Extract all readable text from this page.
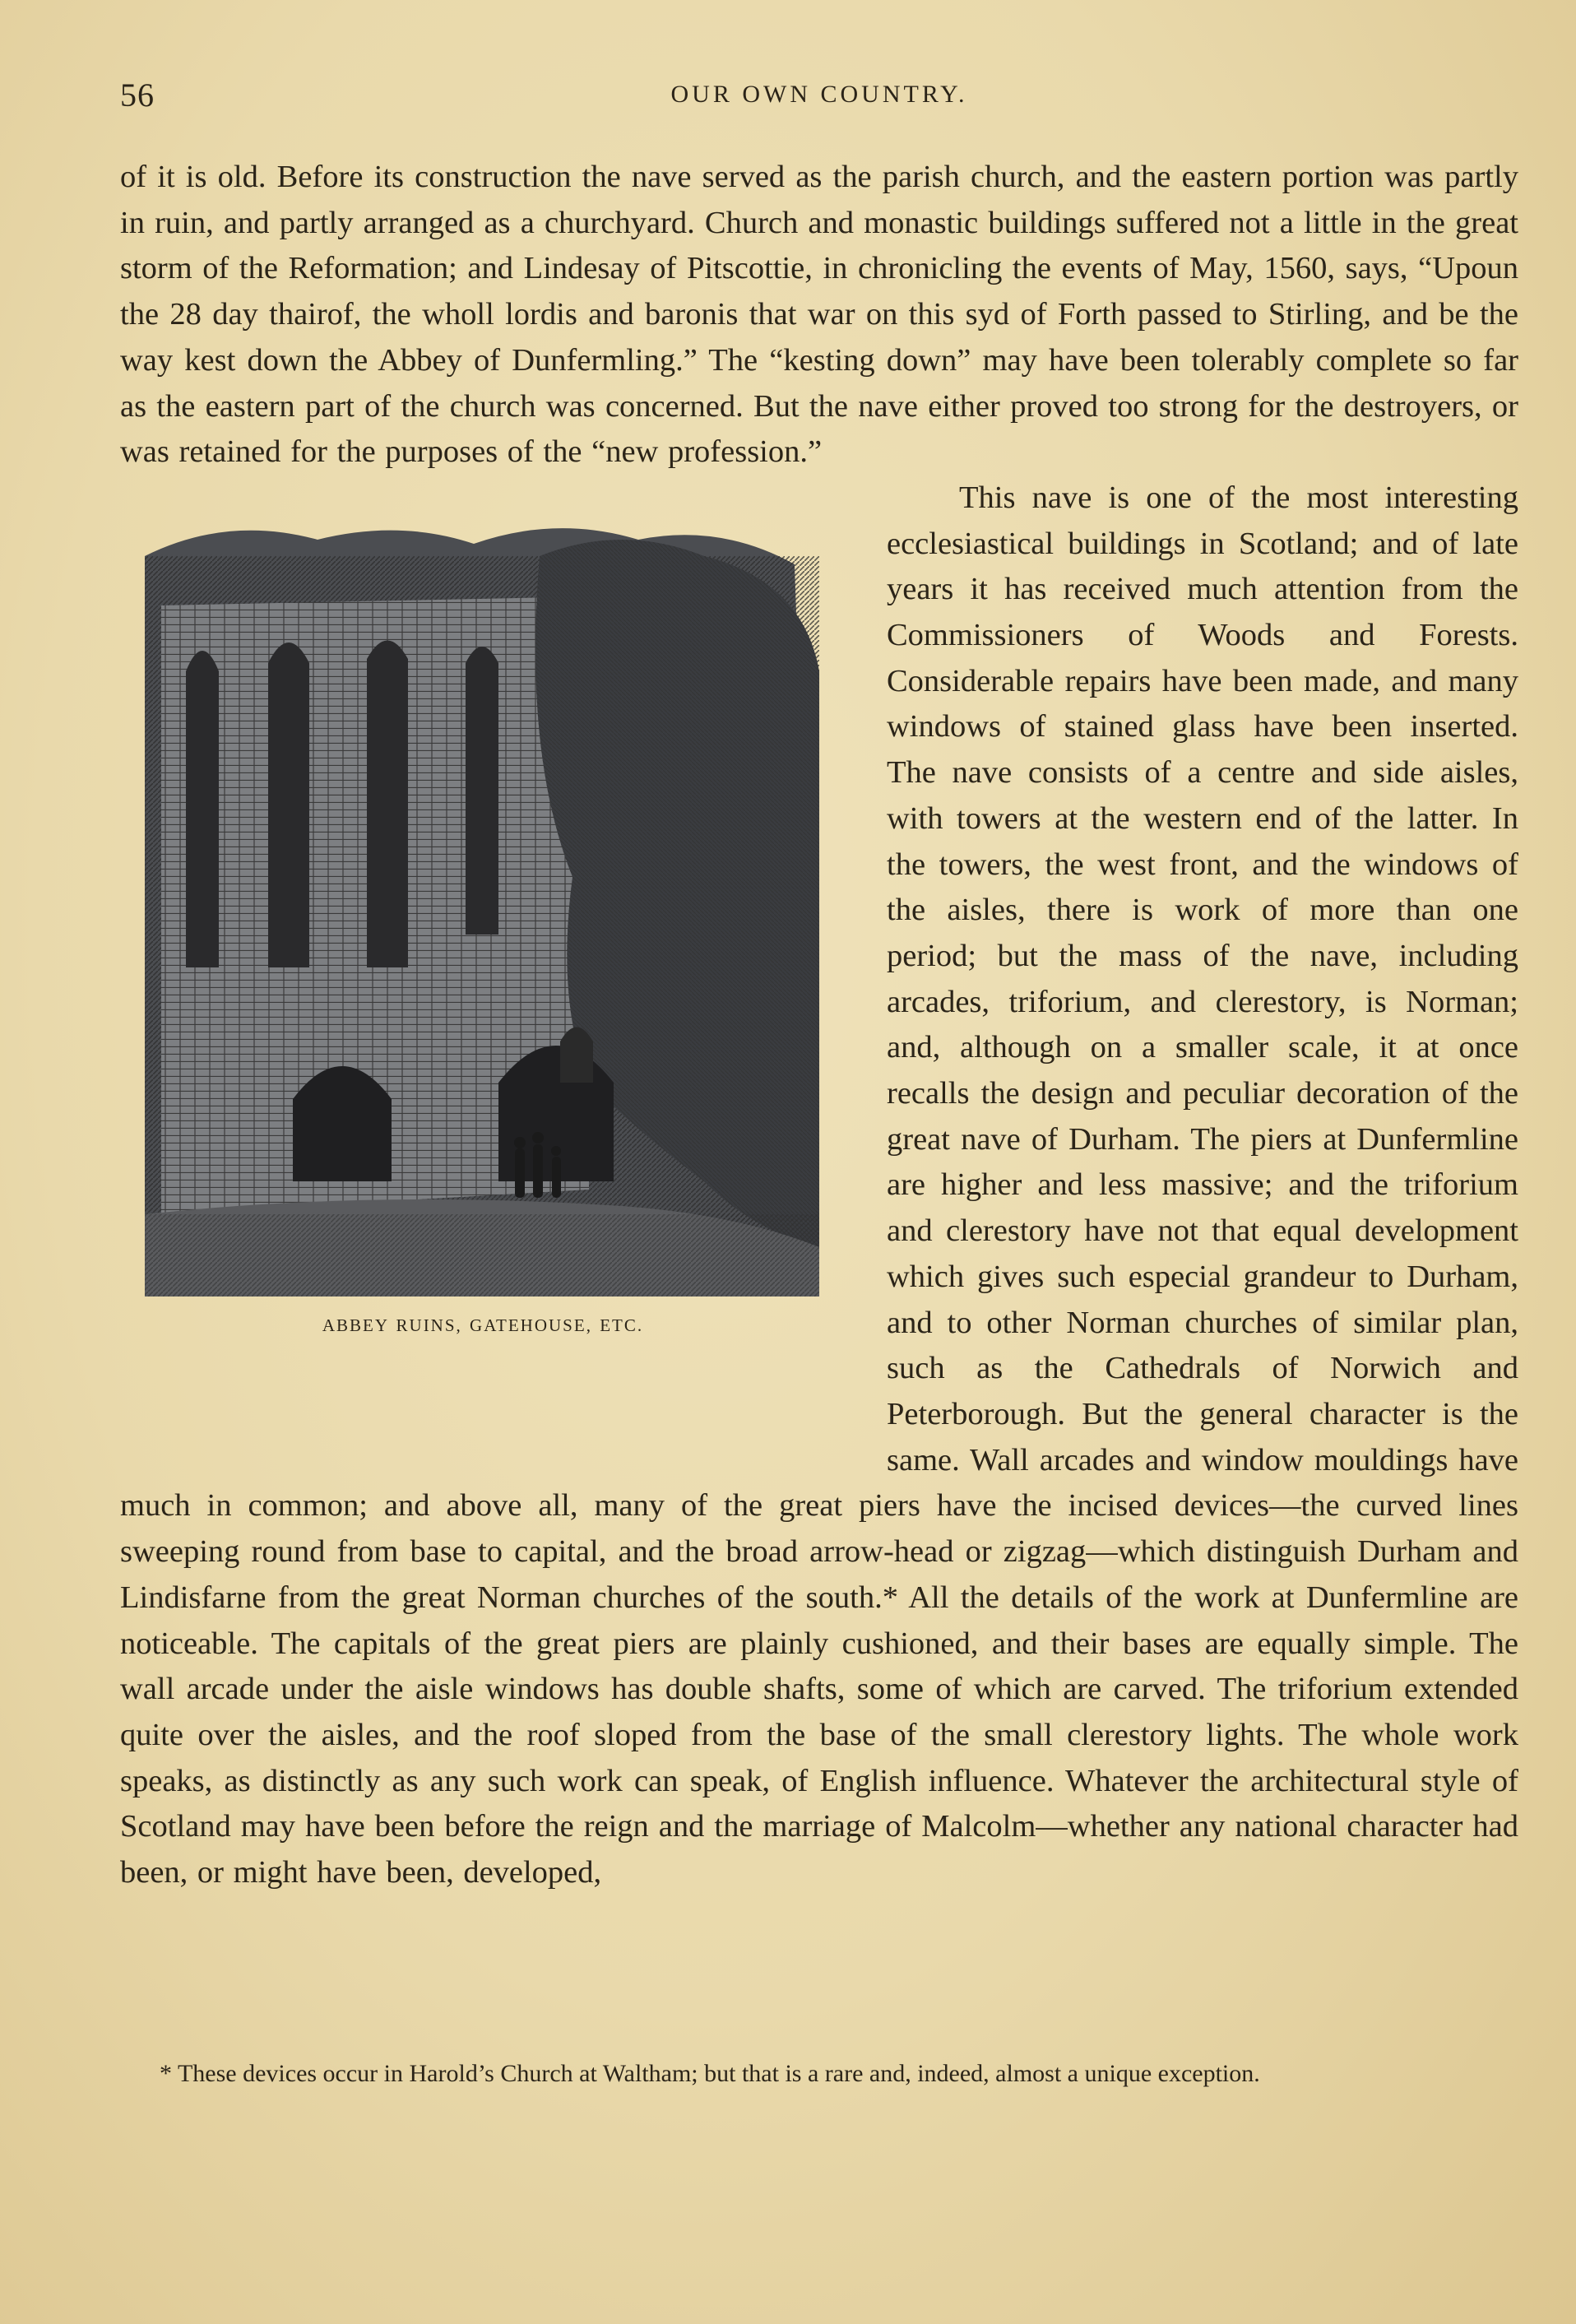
56	OUR OWN COUNTRY.

of it is old. Before its construction the nave served as the parish church, and the eastern portion was partly in ruin, and partly arranged as a churchyard. Church and monastic buildings suffered not a little in the great storm of the Reformation; and Lindesay of Pitscottie, in chronicling the events of May, 1560, says, “Upoun the 28 day thairof, the wholl lordis and baronis that war on this syd of Forth passed to Stirling, and be the way kest down the Abbey of Dunfermling.” The “kesting down” may have been tolerably complete so far as the eastern part of the church was concerned. But the nave either proved too strong for the destroyers, or was retained for the purposes of the “new profession.”

ABBEY RUINS, GATEHOUSE, ETC.

This nave is one of the most interesting ecclesiastical buildings in Scotland; and of late years it has received much attention from the Commissioners of Woods and Forests. Considerable repairs have been made, and many windows of stained glass have been inserted. The nave consists of a centre and side aisles, with towers at the western end of the latter. In the towers, the west front, and the windows of the aisles, there is work of more than one period; but the mass of the nave, including arcades, triforium, and clerestory, is Norman; and, although on a smaller scale, it at once recalls the design and peculiar decoration of the great nave of Durham. The piers at Dunfermline are higher and less massive; and the triforium and clerestory have not that equal development which gives such especial grandeur to Durham, and to other Norman churches of similar plan, such as the Cathedrals of Norwich and Peterborough. But the general character is the same. Wall arcades and window mouldings have much in common; and above all, many of the great piers have the incised devices—the curved lines sweeping round from base to capital, and the broad arrow-head or zigzag—which distinguish Durham and Lindisfarne from the great Norman churches of the south.* All the details of the work at Dunfermline are noticeable. The capitals of the great piers are plainly cushioned, and their bases are equally simple. The wall arcade under the aisle windows has double shafts, some of which are carved. The triforium extended quite over the aisles, and the roof sloped from the base of the small clerestory lights. The whole work speaks, as distinctly as any such work can speak, of English influence. Whatever the architectural style of Scotland may have been before the reign and the marriage of Malcolm—whether any national character had been, or might have been, developed,

* These devices occur in Harold’s Church at Waltham; but that is a rare and, indeed, almost a unique exception.
